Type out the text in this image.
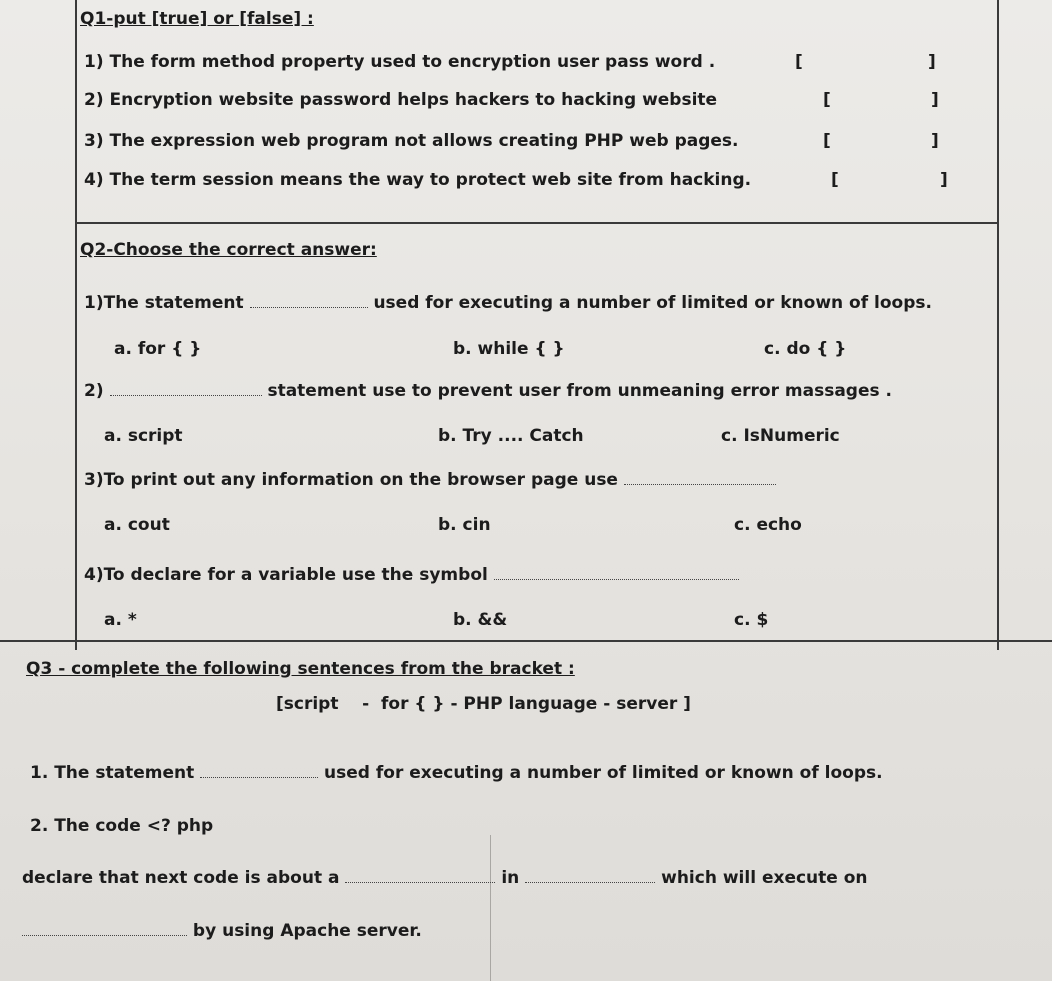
Q1-put [true] or [false] :
1) The form method property used to encryption user pass word .	[	]
2) Encryption website password helps hackers to hacking website	[	]
3) The expression web program not allows creating PHP web pages.	[	]
4) The term session means the way to protect web site from hacking.	[	]
Q2-Choose the correct answer:
1)The statement	used for executing a number of limited or known of loops.
a. for { }	b. while { }	c. do { }
2)	statement use to prevent user from unmeaning error massages .
a. script	b. Try .... Catch	c. IsNumeric
3)To print out any information on the browser page use
a. cout	b. cin	c. echo
4)To declare for a variable use the symbol
a. *	b. &&	c. $
Q3 - complete the following sentences from the bracket :
[script    -  for { } - PHP language - server ]
1. The statement	used for executing a number of limited or known of loops.
2. The code <? php
declare that next code is about a	in	which will execute on
by using Apache server.
